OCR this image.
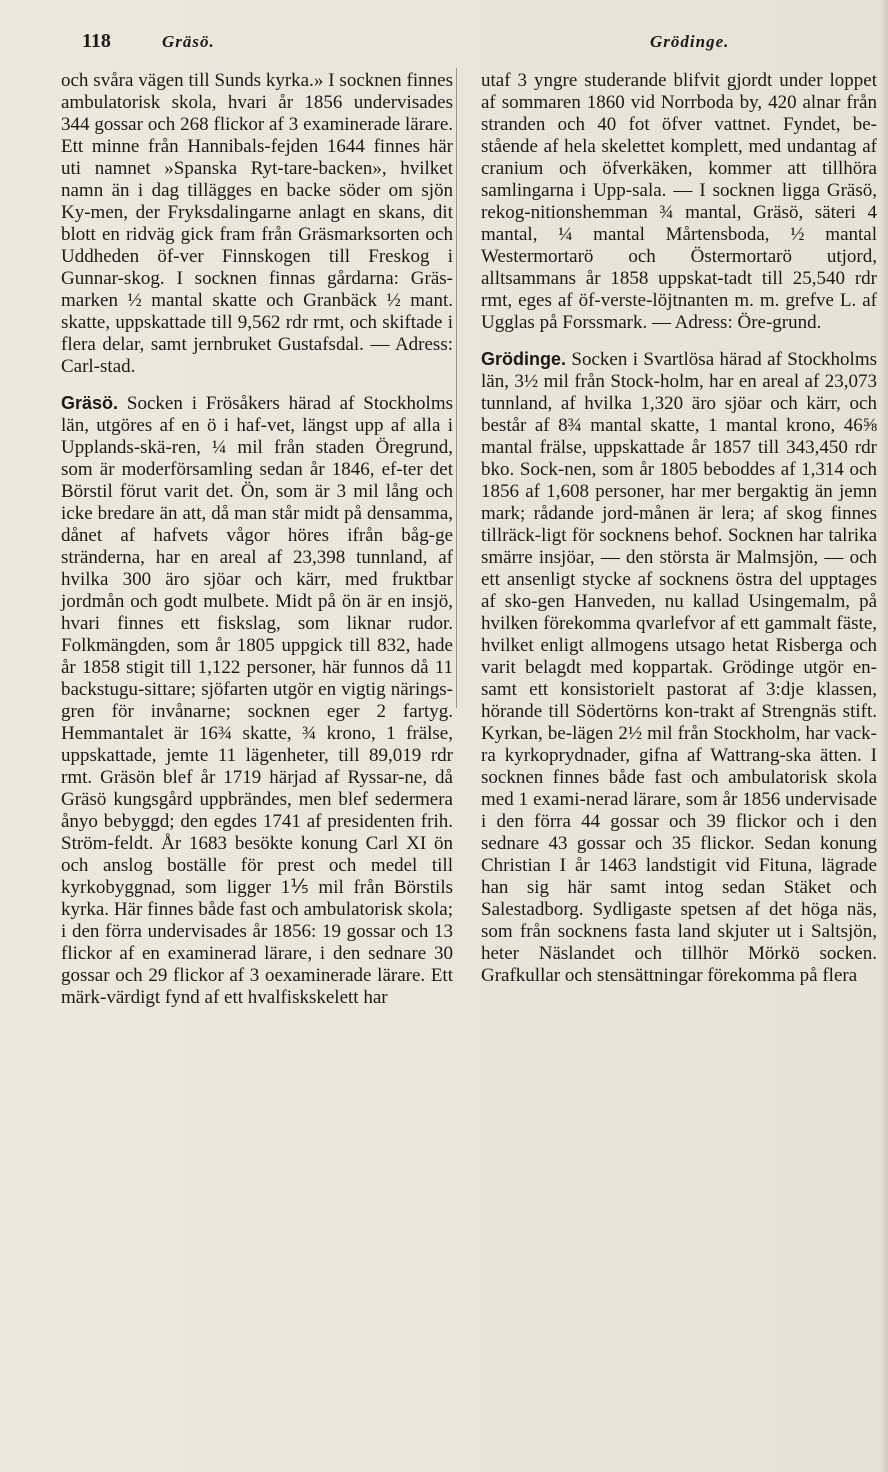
118	Gräsö.	Grödinge.

och svåra vägen till Sunds kyrka.» I socknen finnes ambulatorisk skola, hvari år 1856 undervisades 344 gossar och 268 flickor af 3 examinerade lärare. Ett minne från Hannibals-fejden 1644 finnes här uti namnet »Spanska Ryt-tare-backen», hvilket namn än i dag tillägges en backe söder om sjön Ky-men, der Fryksdalingarne anlagt en skans, dit blott en ridväg gick fram från Gräsmarksorten och Uddheden öf-ver Finnskogen till Freskog i Gunnar-skog. I socknen finnas gårdarna: Gräs-marken ½ mantal skatte och Granbäck ½ mant. skatte, uppskattade till 9,562 rdr rmt, och skiftade i flera delar, samt jernbruket Gustafsdal. — Adress: Carl-stad.

Gräsö. Socken i Frösåkers härad af Stockholms län, utgöres af en ö i haf-vet, längst upp af alla i Upplands-skä-ren, ¼ mil från staden Öregrund, som är moderförsamling sedan år 1846, ef-ter det Börstil förut varit det. Ön, som är 3 mil lång och icke bredare än att, då man står midt på densamma, dånet af hafvets vågor höres ifrån båg-ge stränderna, har en areal af 23,398 tunnland, af hvilka 300 äro sjöar och kärr, med fruktbar jordmån och godt mulbete. Midt på ön är en insjö, hvari finnes ett fiskslag, som liknar rudor. Folkmängden, som år 1805 uppgick till 832, hade år 1858 stigit till 1,122 personer, här funnos då 11 backstugu-sittare; sjöfarten utgör en vigtig närings-gren för invånarne; socknen eger 2 fartyg. Hemmantalet är 16¾ skatte, ¾ krono, 1 frälse, uppskattade, jemte 11 lägenheter, till 89,019 rdr rmt. Gräsön blef år 1719 härjad af Ryssar-ne, då Gräsö kungsgård uppbrändes, men blef sedermera ånyo bebyggd; den egdes 1741 af presidenten frih. Ström-feldt. År 1683 besökte konung Carl XI ön och anslog boställe för prest och medel till kyrkobyggnad, som ligger 1⅕ mil från Börstils kyrka. Här finnes både fast och ambulatorisk skola; i den förra undervisades år 1856: 19 gossar och 13 flickor af en examinerad lärare, i den sednare 30 gossar och 29 flickor af 3 oexaminerade lärare. Ett märk-värdigt fynd af ett hvalfiskskelett har

utaf 3 yngre studerande blifvit gjordt under loppet af sommaren 1860 vid Norrboda by, 420 alnar från stranden och 40 fot öfver vattnet. Fyndet, be-stående af hela skelettet komplett, med undantag af cranium och öfverkäken, kommer att tillhöra samlingarna i Upp-sala. — I socknen ligga Gräsö, rekog-nitionshemman ¾ mantal, Gräsö, säteri 4 mantal, ¼ mantal Mårtensboda, ½ mantal Westermortarö och Östermortarö utjord, alltsammans år 1858 uppskat-tadt till 25,540 rdr rmt, eges af öf-verste-löjtnanten m. m. grefve L. af Ugglas på Forssmark. — Adress: Öre-grund.

Grödinge. Socken i Svartlösa härad af Stockholms län, 3½ mil från Stock-holm, har en areal af 23,073 tunnland, af hvilka 1,320 äro sjöar och kärr, och består af 8¾ mantal skatte, 1 mantal krono, 46⅝ mantal frälse, uppskattade år 1857 till 343,450 rdr bko. Sock-nen, som år 1805 beboddes af 1,314 och 1856 af 1,608 personer, har mer bergaktig än jemn mark; rådande jord-månen är lera; af skog finnes tillräck-ligt för socknens behof. Socknen har talrika smärre insjöar, — den största är Malmsjön, — och ett ansenligt stycke af socknens östra del upptages af sko-gen Hanveden, nu kallad Usingemalm, på hvilken förekomma qvarlefvor af ett gammalt fäste, hvilket enligt allmogens utsago hetat Risberga och varit belagdt med koppartak. Grödinge utgör en-samt ett konsistorielt pastorat af 3:dje klassen, hörande till Södertörns kon-trakt af Strengnäs stift. Kyrkan, be-lägen 2½ mil från Stockholm, har vack-ra kyrkoprydnader, gifna af Wattrang-ska ätten. I socknen finnes både fast och ambulatorisk skola med 1 exami-nerad lärare, som år 1856 undervisade i den förra 44 gossar och 39 flickor och i den sednare 43 gossar och 35 flickor. Sedan konung Christian I år 1463 landstigit vid Fituna, lägrade han sig här samt intog sedan Stäket och Salestadborg. Sydligaste spetsen af det höga näs, som från socknens fasta land skjuter ut i Saltsjön, heter Näslandet och tillhör Mörkö socken. Grafkullar och stensättningar förekomma på flera
